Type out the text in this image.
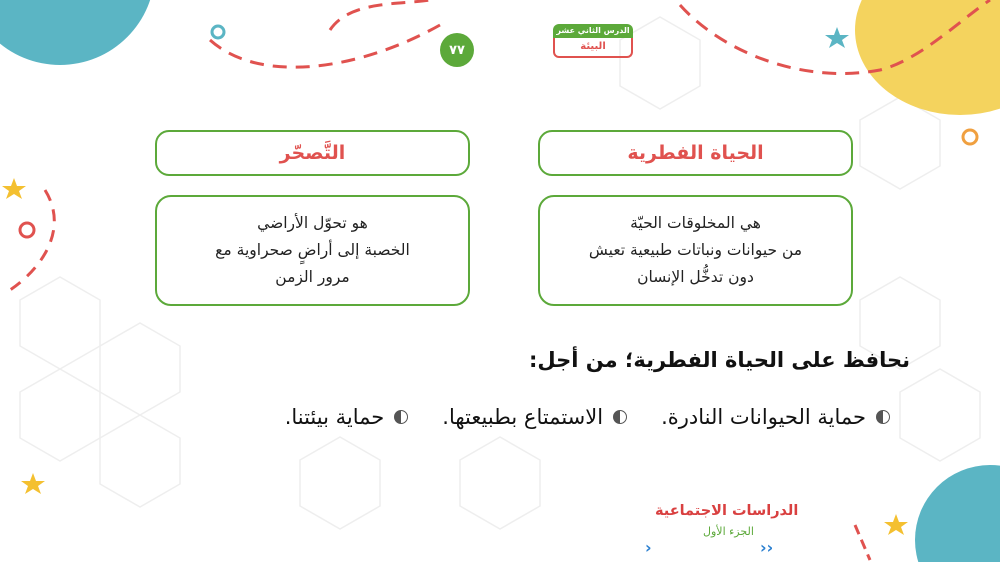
٧٧
الدرس الثاني عشر
البيئة
الحياة الفطرية
التَّصحّر
هي المخلوقات الحيّة
من حيوانات ونباتات طبيعية تعيش
دون تدخُّل الإنسان
هو تحوّل الأراضي
الخصبة إلى أراضٍ صحراوية مع
مرور الزمن
نحافظ على الحياة الفطرية؛ من أجل:
حماية بيئتنا.	الاستمتاع بطبيعتها.	حماية الحيوانات النادرة.
الدراسات الاجتماعية
الجزء الأول
›	››
